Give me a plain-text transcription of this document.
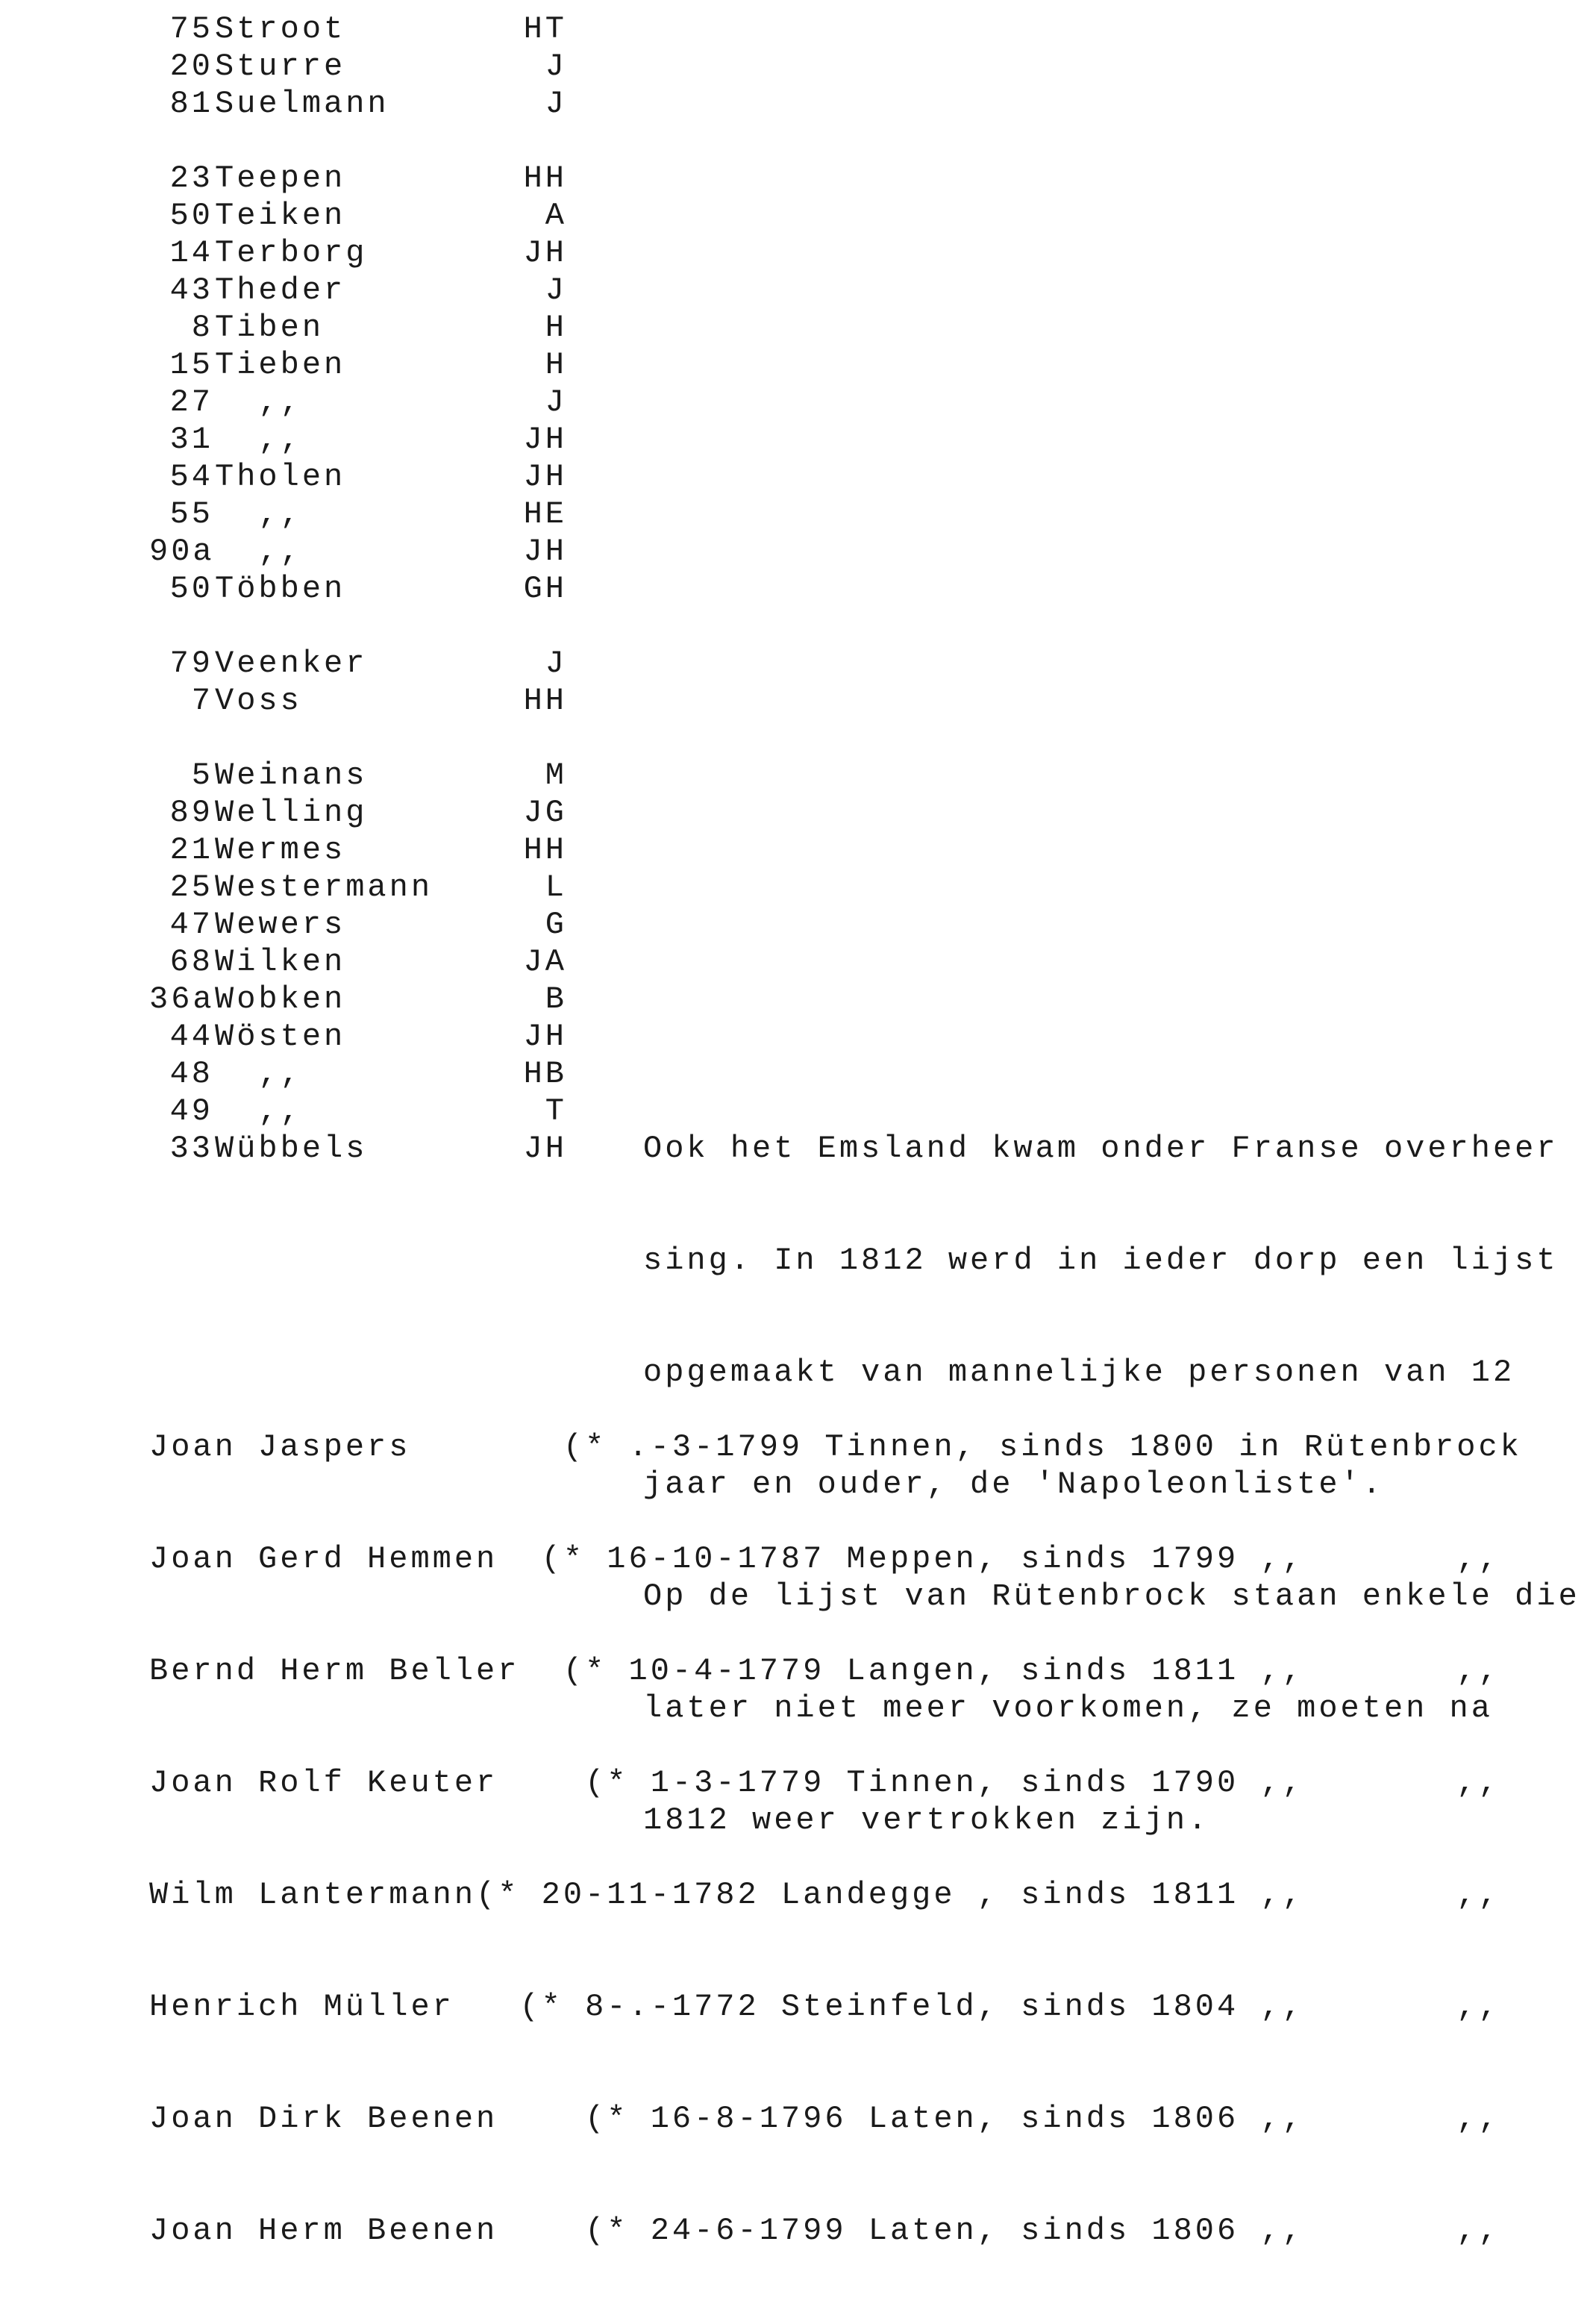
75 Stroot	HT
20 Sturre	J
81 Suelmann	J
23 Teepen	HH
50 Teiken	A
14 Terborg	JH
43 Theder	J
8 Tiben	H
15 Tieben	H
27 ,,	J
31 ,,	JH
54 Tholen	JH
55 ,,	HE
90a ,,	JH
50 Többen	GH
79 Veenker	J
7 Voss	HH
5 Weinans	M
89 Welling	JG
21 Wermes	HH
25 Westermann	L
47 Wewers	G
68 Wilken	JA
36a Wobken	B
44 Wösten	JH
48 ,,	HB
49 ,,	T
33 Wübbels	JH

Ook het Emsland kwam onder Franse overheer

sing. In 1812 werd in ieder dorp een lijst

opgemaakt van mannelijke personen van 12

jaar en ouder, de 'Napoleonliste'.

Op de lijst van Rütenbrock staan enkele die

later niet meer voorkomen, ze moeten na

1812 weer vertrokken zijn.

Joan Jaspers       (* .-3-1799 Tinnen, sinds 1800 in Rütenbrock

Joan Gerd Hemmen  (* 16-10-1787 Meppen, sinds 1799 ,,       ,,

Bernd Herm Beller  (* 10-4-1779 Langen, sinds 1811 ,,       ,,

Joan Rolf Keuter    (* 1-3-1779 Tinnen, sinds 1790 ,,       ,,

Wilm Lantermann(* 20-11-1782 Landegge , sinds 1811 ,,       ,,

Henrich Müller   (* 8-.-1772 Steinfeld, sinds 1804 ,,       ,,

Joan Dirk Beenen    (* 16-8-1796 Laten, sinds 1806 ,,       ,,

Joan Herm Beenen    (* 24-6-1799 Laten, sinds 1806 ,,       ,,
